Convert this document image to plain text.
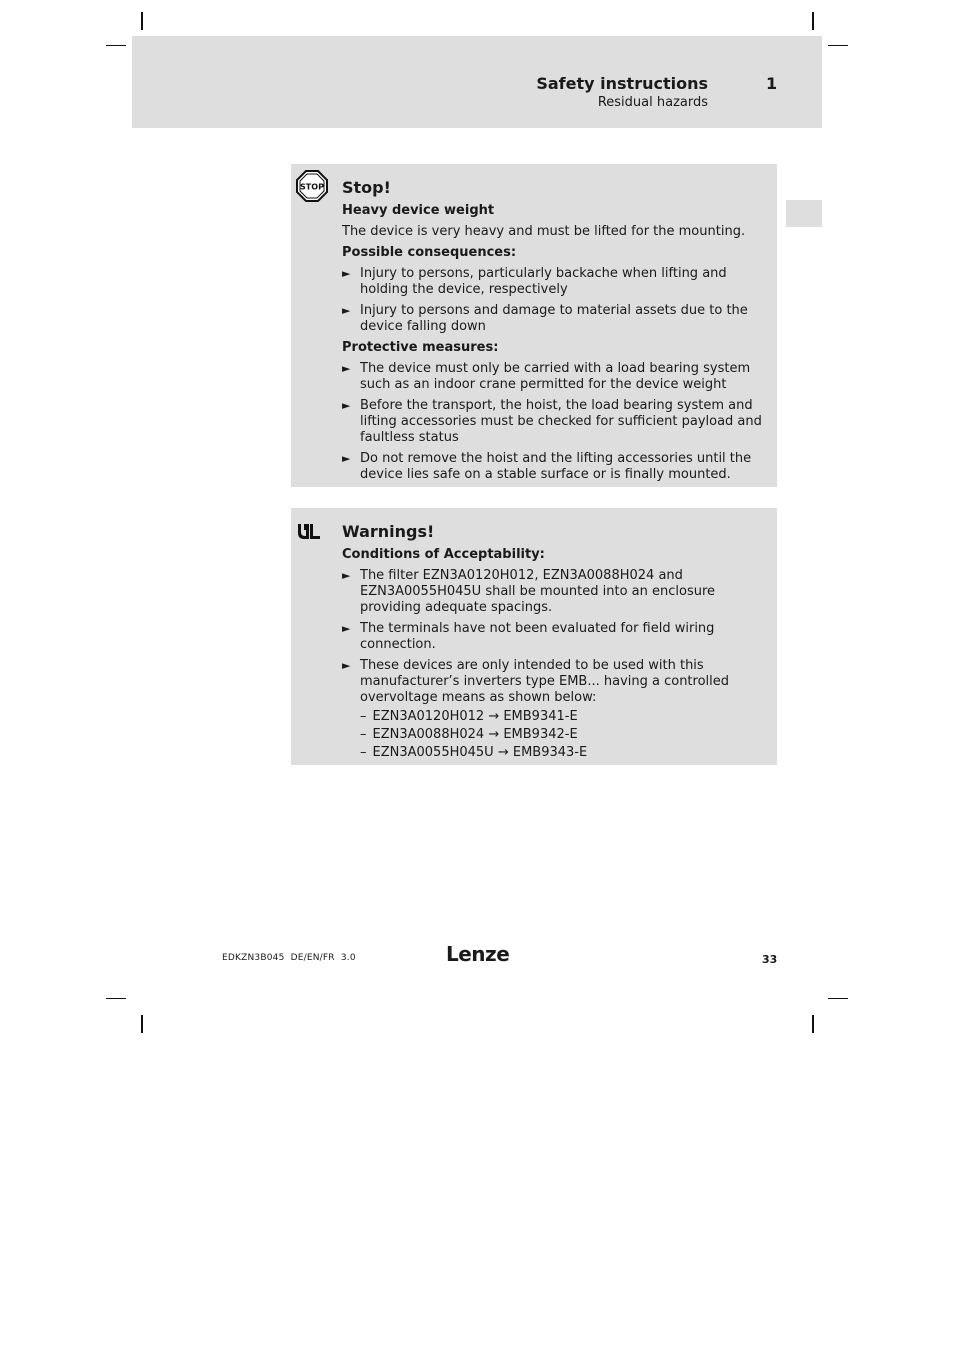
Safety instructions
Residual hazards
1
STOP Stop!
Heavy device weight
The device is very heavy and must be lifted for the mounting.
Possible consequences:
► Injury to persons, particularly backache when lifting and holding the device, respectively
► Injury to persons and damage to material assets due to the device falling down
Protective measures:
► The device must only be carried with a load bearing system such as an indoor crane permitted for the device weight
► Before the transport, the hoist, the load bearing system and lifting accessories must be checked for sufficient payload and faultless status
► Do not remove the hoist and the lifting accessories until the device lies safe on a stable surface or is finally mounted.
Warnings!
Conditions of Acceptability:
► The filter EZN3A0120H012, EZN3A0088H024 and EZN3A0055H045U shall be mounted into an enclosure providing adequate spacings.
► The terminals have not been evaluated for field wiring connection.
► These devices are only intended to be used with this manufacturer’s inverters type EMB... having a controlled overvoltage means as shown below:
– EZN3A0120H012 → EMB9341-E
– EZN3A0088H024 → EMB9342-E
– EZN3A0055H045U → EMB9343-E
EDKZN3B045  DE/EN/FR  3.0	Lenze	33
